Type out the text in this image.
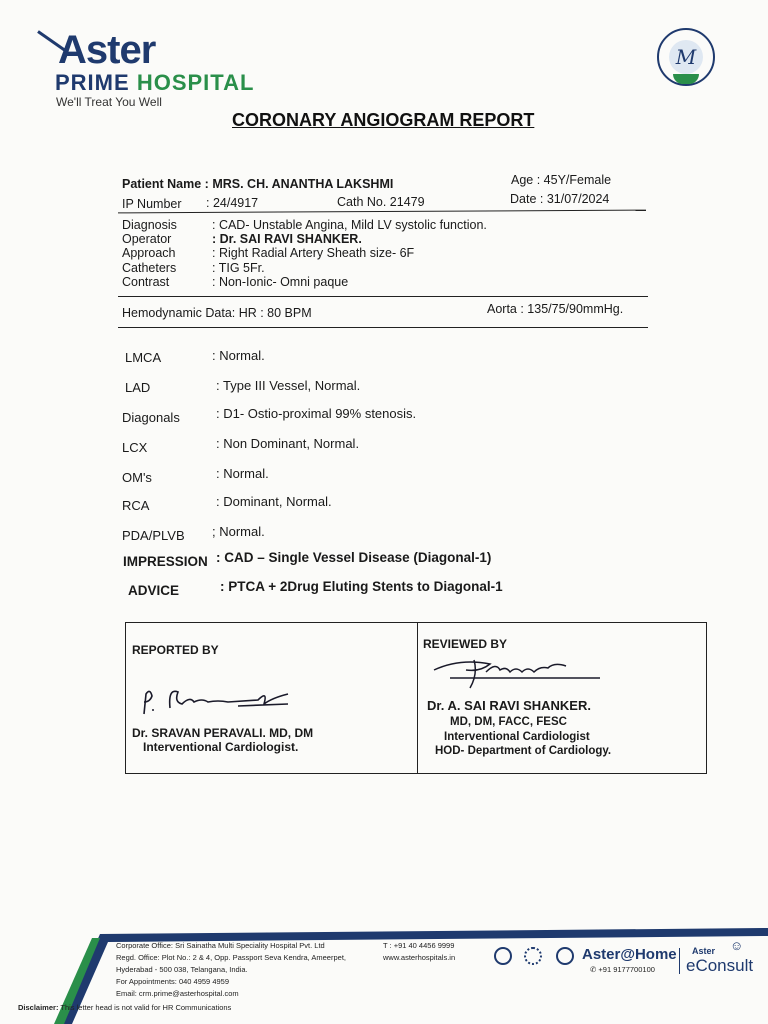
Aster
PRIME HOSPITAL
We'll Treat You Well
M
CORONARY ANGIOGRAM REPORT
Patient Name : MRS. CH. ANANTHA LAKSHMI	Age : 45Y/Female
IP Number : 24/4917	Cath No. 21479	Date : 31/07/2024
Diagnosis	: CAD- Unstable Angina, Mild LV systolic function.
Operator	: Dr. SAI RAVI SHANKER.
Approach	: Right Radial Artery Sheath size- 6F
Catheters	: TIG 5Fr.
Contrast	: Non-Ionic- Omni paque
Hemodynamic Data: HR : 80 BPM	Aorta : 135/75/90mmHg.
LMCA	: Normal.
LAD	: Type III Vessel, Normal.
Diagonals	: D1- Ostio-proximal 99% stenosis.
LCX	: Non Dominant, Normal.
OM's	: Normal.
RCA	: Dominant, Normal.
PDA/PLVB ; Normal.
IMPRESSION : CAD – Single Vessel Disease (Diagonal-1)
ADVICE	: PTCA + 2Drug Eluting Stents to Diagonal-1
REPORTED BY
Dr. SRAVAN PERAVALI. MD, DM
Interventional Cardiologist.
REVIEWED BY
Dr. A. SAI RAVI SHANKER.
MD, DM, FACC, FESC
Interventional Cardiologist
HOD- Department of Cardiology.
Corporate Office: Sri Sainatha Multi Speciality Hospital Pvt. Ltd
Regd. Office: Plot No.: 2 & 4, Opp. Passport Seva Kendra, Ameerpet,
Hyderabad - 500 038, Telangana, India.
For Appointments: 040 4959 4959
Email: crm.prime@asterhospital.com
T : +91 40 4456 9999
www.asterhospitals.in	Aster@Home
✆ +91 9177700100
Aster
eConsult
☺
Disclaimer: This letter head is not valid for HR Communications
